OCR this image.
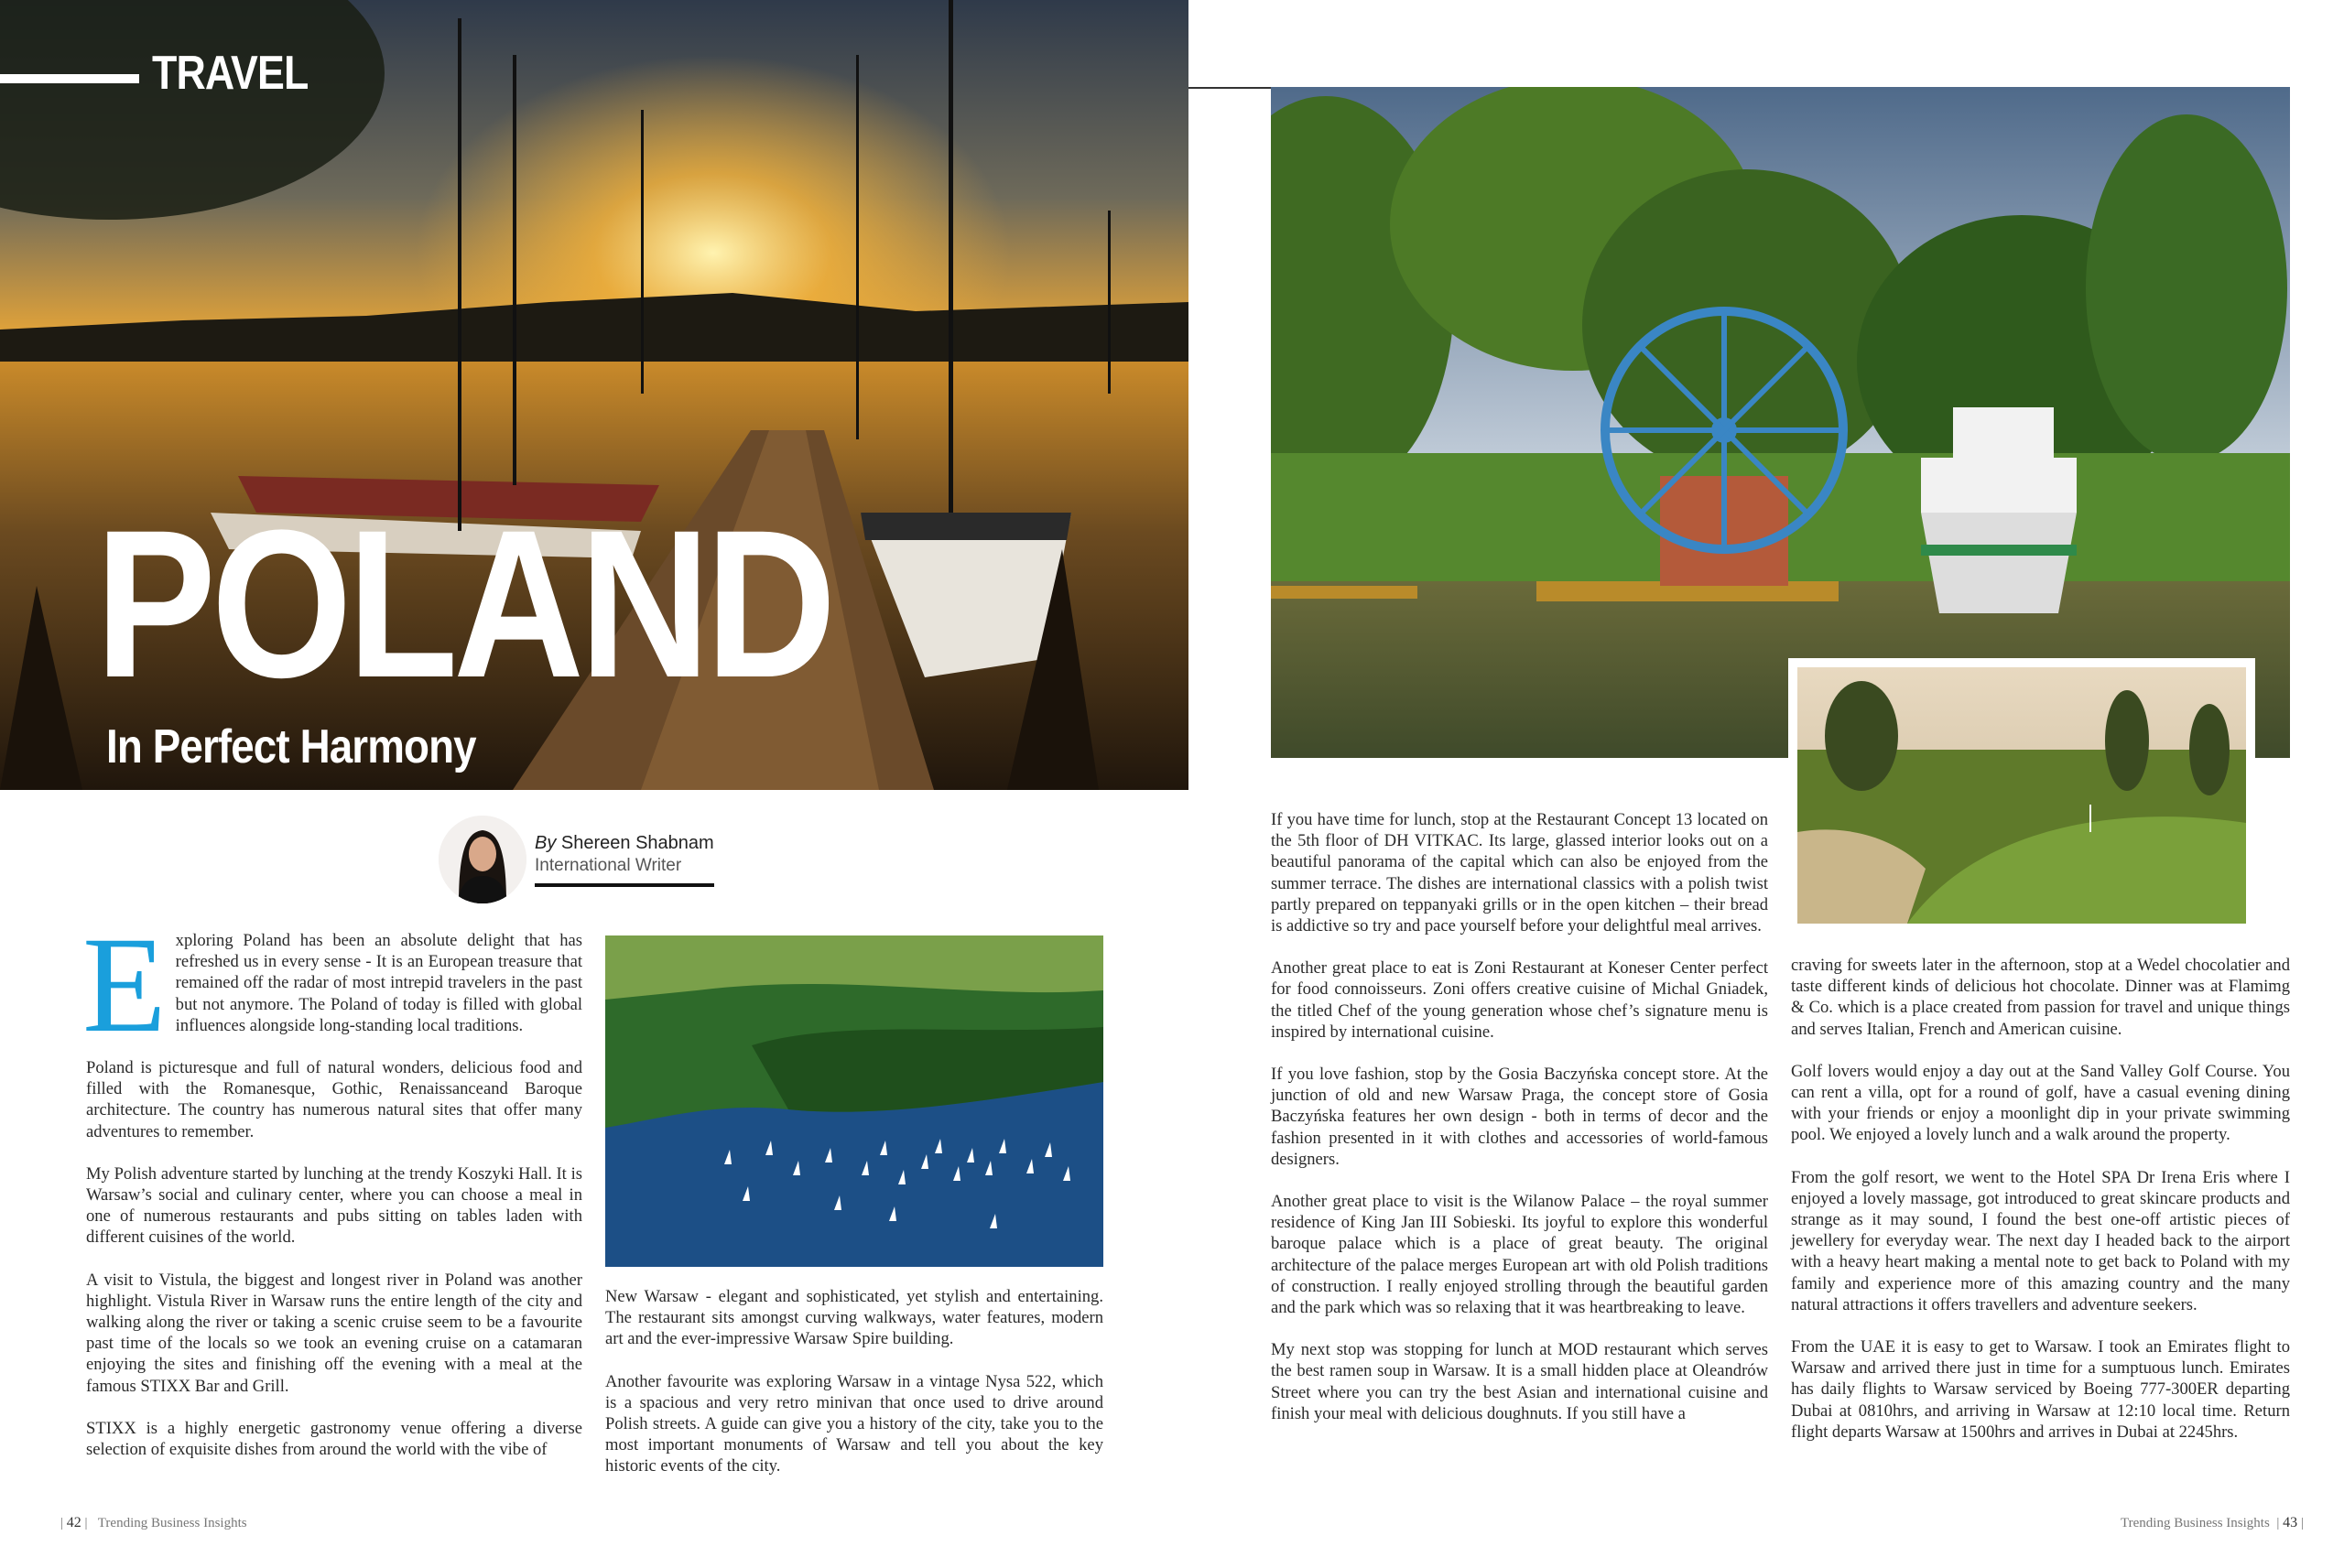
TRAVEL
POLAND
In Perfect Harmony
By Shereen Shabnam
International Writer

Exploring Poland has been an absolute delight that has refreshed us in every sense - It is an European treasure that remained off the radar of most intrepid travelers in the past but not anymore. The Poland of today is filled with global influences alongside long-standing local traditions.

Poland is picturesque and full of natural wonders, delicious food and filled with the Romanesque, Gothic, Renaissanceand Baroque architecture. The country has numerous natural sites that offer many adventures to remember.

My Polish adventure started by lunching at the trendy Koszyki Hall. It is Warsaw’s social and culinary center, where you can choose a meal in one of numerous restaurants and pubs sitting on tables laden with different cuisines of the world.

A visit to Vistula, the biggest and longest river in Poland was another highlight. Vistula River in Warsaw runs the entire length of the city and walking along the river or taking a scenic cruise seem to be a favourite past time of the locals so we took an evening cruise on a catamaran enjoying the sites and finishing off the evening with a meal at the famous STIXX Bar and Grill.

STIXX is a highly energetic gastronomy venue offering a diverse selection of exquisite dishes from around the world with the vibe of

New Warsaw - elegant and sophisticated, yet stylish and entertaining. The restaurant sits amongst curving walkways, water features, modern art and the ever-impressive Warsaw Spire building.

Another favourite was exploring Warsaw in a vintage Nysa 522, which is a spacious and very retro minivan that once used to drive around Polish streets. A guide can give you a history of the city, take you to the most important monuments of Warsaw and tell you about the key historic events of the city.

If you have time for lunch, stop at the Restaurant Concept 13 located on the 5th floor of DH VITKAC. Its large, glassed interior looks out on a beautiful panorama of the capital which can also be enjoyed from the summer terrace. The dishes are international classics with a polish twist partly prepared on teppanyaki grills or in the open kitchen – their bread is addictive so try and pace yourself before your delightful meal arrives.

Another great place to eat is Zoni Restaurant at Koneser Center perfect for food connoisseurs. Zoni offers creative cuisine of Michal Gniadek, the titled Chef of the young generation whose chef’s signature menu is inspired by international cuisine.

If you love fashion, stop by the Gosia Baczyńska concept store. At the junction of old and new Warsaw Praga, the concept store of Gosia Baczyńska features her own design - both in terms of decor and the fashion presented in it with clothes and accessories of world-famous designers.

Another great place to visit is the Wilanow Palace – the royal summer residence of King Jan III Sobieski. Its joyful to explore this wonderful baroque palace which is a place of great beauty. The original architecture of the palace merges European art with old Polish traditions of construction. I really enjoyed strolling through the beautiful garden and the park which was so relaxing that it was heartbreaking to leave.

My next stop was stopping for lunch at MOD restaurant which serves the best ramen soup in Warsaw. It is a small hidden place at Oleandrów Street where you can try the best Asian and international cuisine and finish your meal with delicious doughnuts. If you still have a

craving for sweets later in the afternoon, stop at a Wedel chocolatier and taste different kinds of delicious hot chocolate. Dinner was at Flamimg & Co. which is a place created from passion for travel and unique things and serves Italian, French and American cuisine.

Golf lovers would enjoy a day out at the Sand Valley Golf Course. You can rent a villa, opt for a round of golf, have a casual evening dining with your friends or enjoy a moonlight dip in your private swimming pool. We enjoyed a lovely lunch and a walk around the property.

From the golf resort, we went to the Hotel SPA Dr Irena Eris where I enjoyed a lovely massage, got introduced to great skincare products and strange as it may sound, I found the best one-off artistic pieces of jewellery for everyday wear. The next day I headed back to the airport with a heavy heart making a mental note to get back to Poland with my family and experience more of this amazing country and the many natural attractions it offers travellers and adventure seekers.

From the UAE it is easy to get to Warsaw. I took an Emirates flight to Warsaw and arrived there just in time for a sumptuous lunch. Emirates has daily flights to Warsaw serviced by Boeing 777-300ER departing Dubai at 0810hrs, and arriving in Warsaw at 12:10 local time. Return flight departs Warsaw at 1500hrs and arrives in Dubai at 2245hrs.

| 42 |   Trending Business Insights	Trending Business Insights  | 43 |
